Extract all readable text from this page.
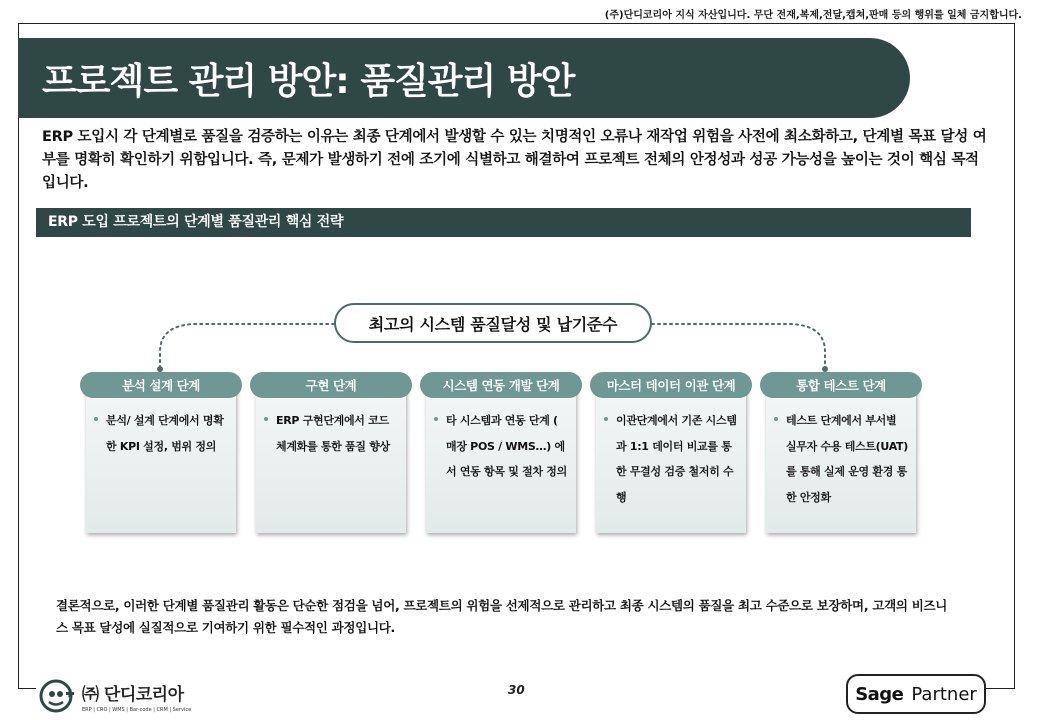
(주)단디코리아 지식 자산입니다. 무단 전재,복제,전달,캡쳐,판매 등의 행위를 일체 금지합니다.
프로젝트 관리 방안: 품질관리 방안

ERP 도입시 각 단계별로 품질을 검증하는 이유는 최종 단계에서 발생할 수 있는 치명적인 오류나 재작업 위험을 사전에 최소화하고, 단계별 목표 달성 여부를 명확히 확인하기 위함입니다. 즉, 문제가 발생하기 전에 조기에 식별하고 해결하여 프로젝트 전체의 안정성과 성공 가능성을 높이는 것이 핵심 목적입니다.

ERP 도입 프로젝트의 단계별 품질관리 핵심 전략
최고의 시스템 품질달성 및 납기준수
분석 설계 단계
분석/ 설계 단계에서 명확한 KPI 설정, 범위 정의
구현 단계
ERP 구현단계에서 코드 체계화를 통한 품질 향상
시스템 연동 개발 단계
타 시스템과 연동 단계 ( 매장 POS / WMS…) 에서 연동 항목 및 절차 정의
마스터 데이터 이관 단계
이관단계에서 기존 시스템과 1:1 데이터 비교를 통한 무결성 검증 철저히 수행
통합 테스트 단계
테스트 단계에서 부서별 실무자 수용 테스트(UAT)를 통해 실제 운영 환경 통한 안정화

결론적으로, 이러한 단계별 품질관리 활동은 단순한 점검을 넘어, 프로젝트의 위험을 선제적으로 관리하고 최종 시스템의 품질을 최고 수준으로 보장하며, 고객의 비즈니스 목표 달성에 실질적으로 기여하기 위한 필수적인 과정입니다.

㈜ 단디코리아
ERP | CRO | WMS | Bar-code | CRM | Service
30	Sage Partner
